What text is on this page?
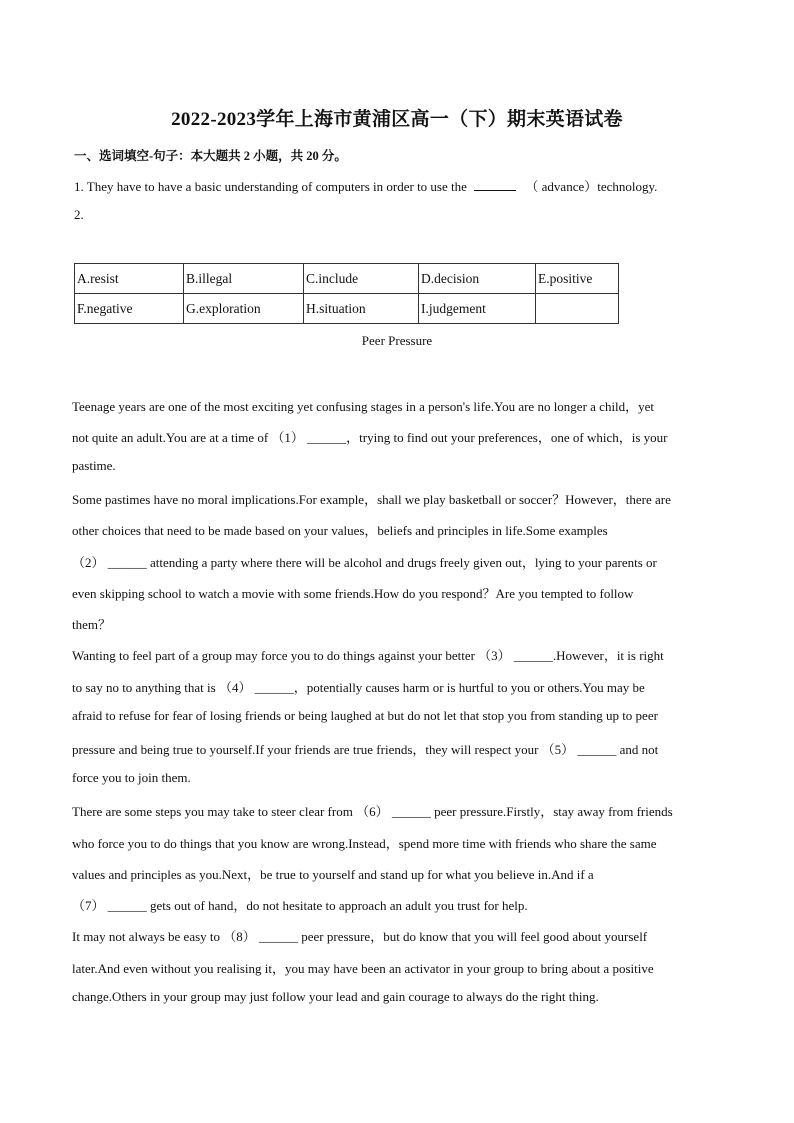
2022-2023学年上海市黄浦区高一（下）期末英语试卷
一、选词填空-句子：本大题共 2 小题，共 20 分。
1. They have to have a basic understanding of computers in order to use the	（ advance）technology.
2.
A.resist	B.illegal	C.include	D.decision	E.positive
F.negative	G.exploration	H.situation	I.judgement	
Peer Pressure
Teenage years are one of the most exciting yet confusing stages in a person's life.You are no longer a child，yet
not quite an adult.You are at a time of （1） ______，trying to find out your preferences，one of which，is your
pastime.
Some pastimes have no moral implications.For example，shall we play basketball or soccer？However，there are
other choices that need to be made based on your values，beliefs and principles in life.Some examples
（2） ______ attending a party where there will be alcohol and drugs freely given out，lying to your parents or
even skipping school to watch a movie with some friends.How do you respond？Are you tempted to follow
them？
Wanting to feel part of a group may force you to do things against your better （3） ______.However，it is right
to say no to anything that is （4） ______，potentially causes harm or is hurtful to you or others.You may be
afraid to refuse for fear of losing friends or being laughed at but do not let that stop you from standing up to peer
pressure and being true to yourself.If your friends are true friends，they will respect your （5） ______ and not
force you to join them.
There are some steps you may take to steer clear from （6） ______ peer pressure.Firstly，stay away from friends
who force you to do things that you know are wrong.Instead，spend more time with friends who share the same
values and principles as you.Next，be true to yourself and stand up for what you believe in.And if a
（7） ______ gets out of hand，do not hesitate to approach an adult you trust for help.
It may not always be easy to （8） ______ peer pressure，but do know that you will feel good about yourself
later.And even without you realising it，you may have been an activator in your group to bring about a positive
change.Others in your group may just follow your lead and gain courage to always do the right thing.
